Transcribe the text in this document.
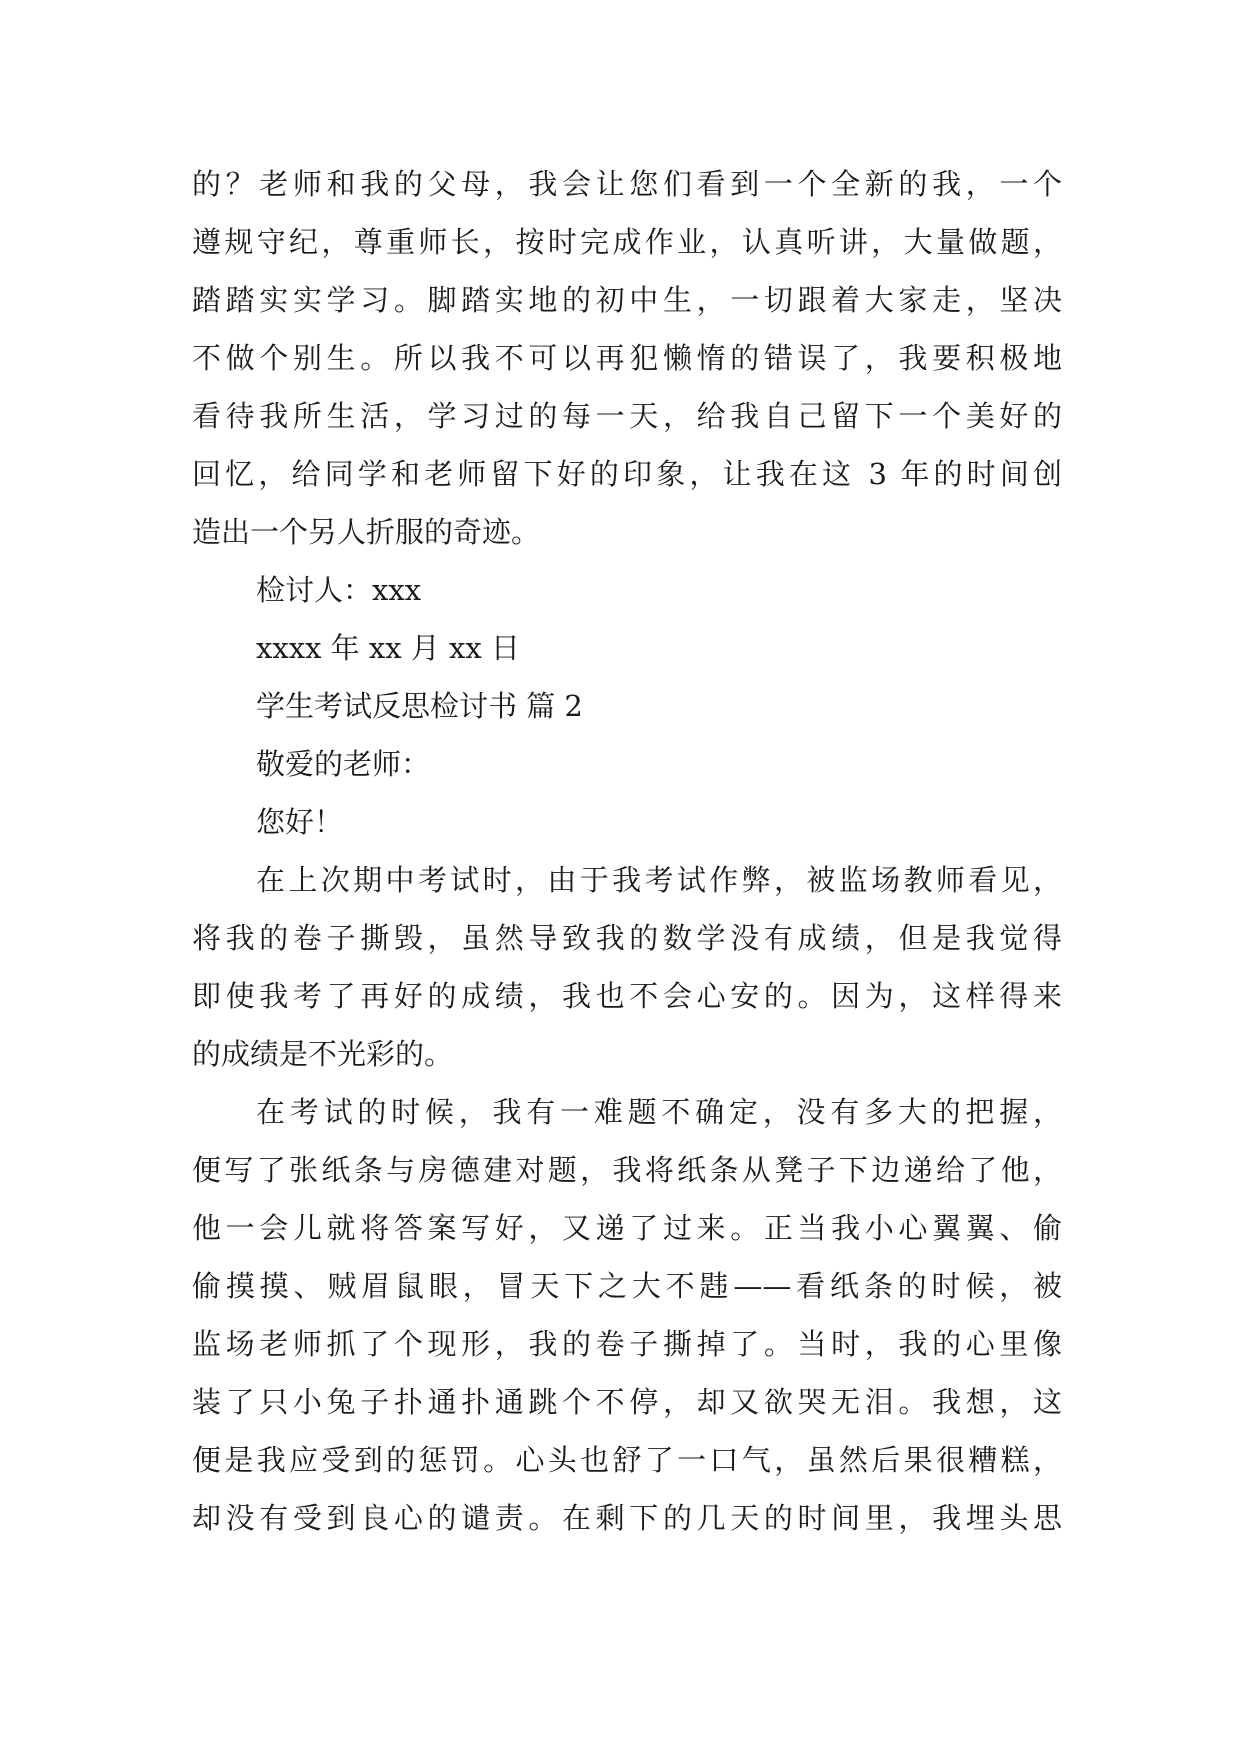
的？老师和我的父母，我会让您们看到一个全新的我，一个
遵规守纪，尊重师长，按时完成作业，认真听讲，大量做题，
踏踏实实学习。脚踏实地的初中生，一切跟着大家走，坚决
不做个别生。所以我不可以再犯懒惰的错误了，我要积极地
看待我所生活，学习过的每一天，给我自己留下一个美好的
回忆，给同学和老师留下好的印象，让我在这 3 年的时间创
造出一个另人折服的奇迹。
检讨人：xxx
xxxx 年 xx 月 xx 日
学生考试反思检讨书 篇 2
敬爱的老师：
您好！
在上次期中考试时，由于我考试作弊，被监场教师看见，
将我的卷子撕毁，虽然导致我的数学没有成绩，但是我觉得
即使我考了再好的成绩，我也不会心安的。因为，这样得来
的成绩是不光彩的。
在考试的时候，我有一难题不确定，没有多大的把握，
便写了张纸条与房德建对题，我将纸条从凳子下边递给了他，
他一会儿就将答案写好，又递了过来。正当我小心翼翼、偷
偷摸摸、贼眉鼠眼，冒天下之大不韪——看纸条的时候，被
监场老师抓了个现形，我的卷子撕掉了。当时，我的心里像
装了只小兔子扑通扑通跳个不停，却又欲哭无泪。我想，这
便是我应受到的惩罚。心头也舒了一口气，虽然后果很糟糕，
却没有受到良心的谴责。在剩下的几天的时间里，我埋头思
